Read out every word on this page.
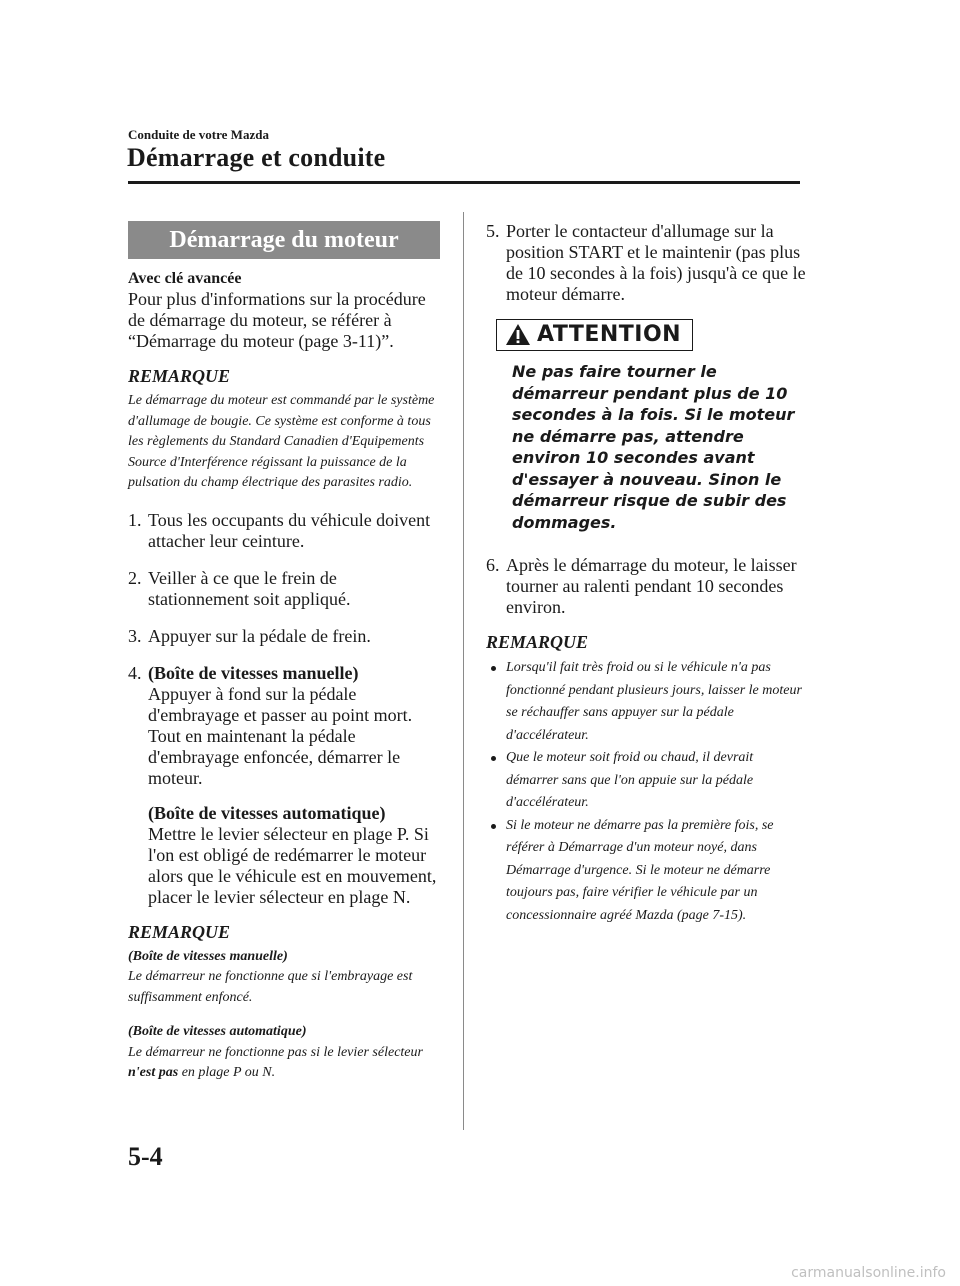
Conduite de votre Mazda
Démarrage et conduite
Démarrage du moteur
Avec clé avancée

Pour plus d'informations sur la procédure de démarrage du moteur, se référer à “Démarrage du moteur (page 3-11)”.

REMARQUE
Le démarrage du moteur est commandé par le système d'allumage de bougie. Ce système est conforme à tous les règlements du Standard Canadien d'Equipements Source d'Interférence régissant la puissance de la pulsation du champ électrique des parasites radio.
1. Tous les occupants du véhicule doivent attacher leur ceinture.
2. Veiller à ce que le frein de stationnement soit appliqué.
3. Appuyer sur la pédale de frein.
4. (Boîte de vitesses manuelle)
Appuyer à fond sur la pédale d'embrayage et passer au point mort. Tout en maintenant la pédale d'embrayage enfoncée, démarrer le moteur.
(Boîte de vitesses automatique)
Mettre le levier sélecteur en plage P. Si l'on est obligé de redémarrer le moteur alors que le véhicule est en mouvement, placer le levier sélecteur en plage N.
REMARQUE
(Boîte de vitesses manuelle)
Le démarreur ne fonctionne que si l'embrayage est suffisamment enfoncé.
(Boîte de vitesses automatique)
Le démarreur ne fonctionne pas si le levier sélecteur n'est pas en plage P ou N.
5. Porter le contacteur d'allumage sur la position START et le maintenir (pas plus de 10 secondes à la fois) jusqu'à ce que le moteur démarre.
ATTENTION
Ne pas faire tourner le démarreur pendant plus de 10 secondes à la fois. Si le moteur ne démarre pas, attendre environ 10 secondes avant d'essayer à nouveau. Sinon le démarreur risque de subir des dommages.
6. Après le démarrage du moteur, le laisser tourner au ralenti pendant 10 secondes environ.
REMARQUE
Lorsqu'il fait très froid ou si le véhicule n'a pas fonctionné pendant plusieurs jours, laisser le moteur se réchauffer sans appuyer sur la pédale d'accélérateur.
Que le moteur soit froid ou chaud, il devrait démarrer sans que l'on appuie sur la pédale d'accélérateur.
Si le moteur ne démarre pas la première fois, se référer à Démarrage d'un moteur noyé, dans Démarrage d'urgence. Si le moteur ne démarre toujours pas, faire vérifier le véhicule par un concessionnaire agréé Mazda (page 7-15).
5-4
carmanualsonline.info
